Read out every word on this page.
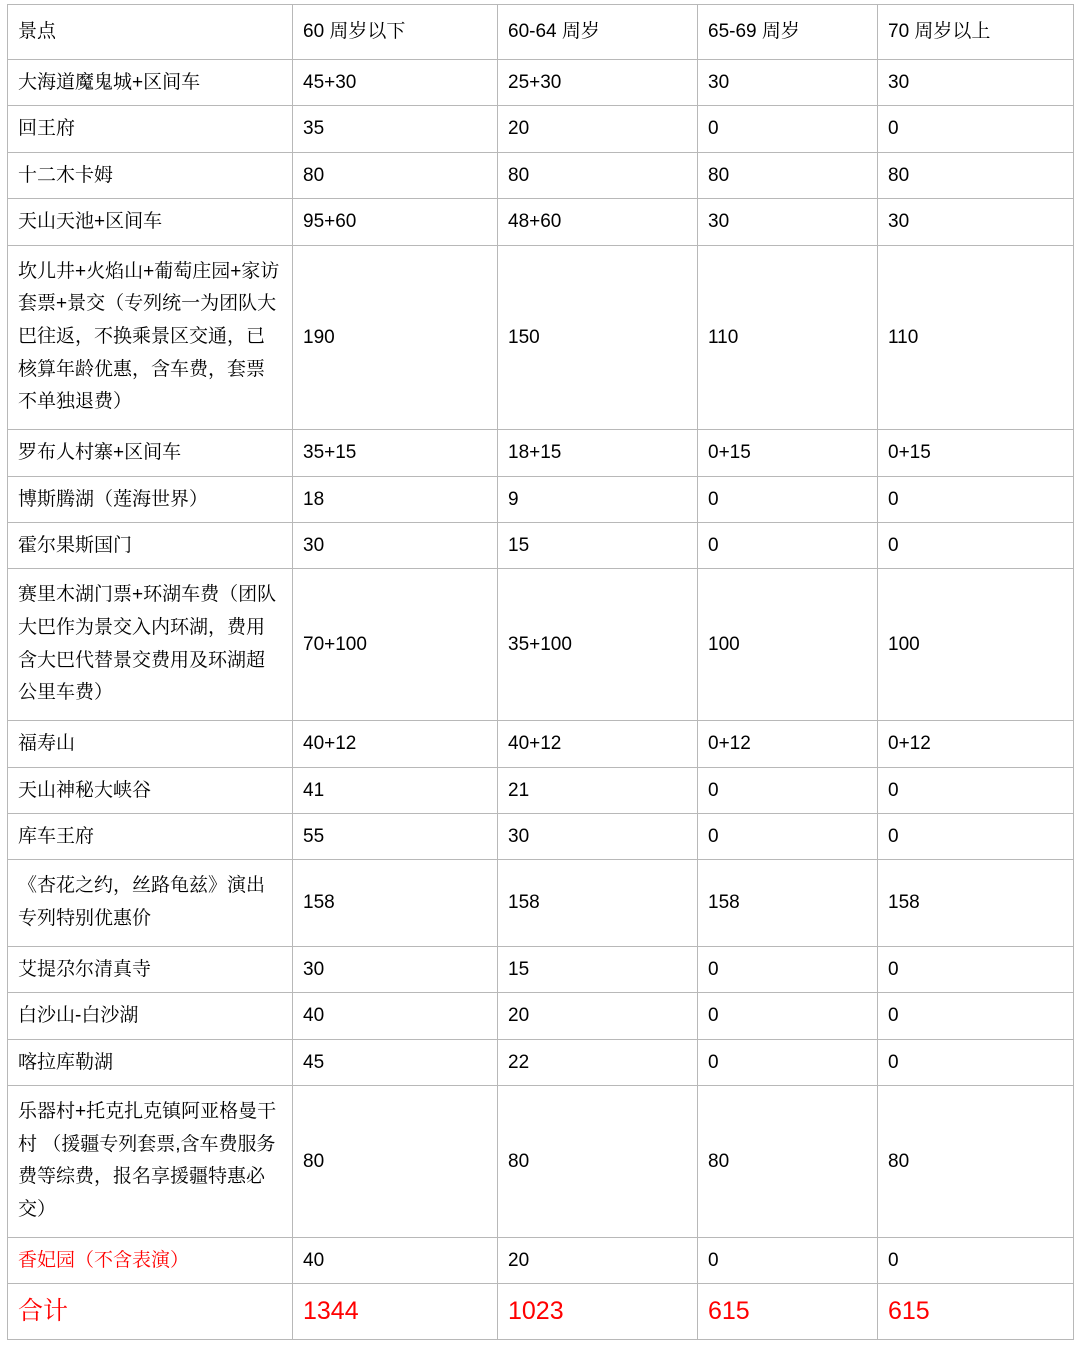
景点	60 周岁以下	60-64 周岁	65-69 周岁	70 周岁以上
大海道魔鬼城+区间车	45+30	25+30	30	30
回王府	35	20	0	0
十二木卡姆	80	80	80	80
天山天池+区间车	95+60	48+60	30	30
坎儿井+火焰山+葡萄庄园+家访套票+景交（专列统一为团队大巴往返，不换乘景区交通，已核算年龄优惠，含车费，套票不单独退费）	190	150	110	110
罗布人村寨+区间车	35+15	18+15	0+15	0+15
博斯腾湖（莲海世界）	18	9	0	0
霍尔果斯国门	30	15	0	0
赛里木湖门票+环湖车费（团队大巴作为景交入内环湖，费用含大巴代替景交费用及环湖超公里车费）	70+100	35+100	100	100
福寿山	40+12	40+12	0+12	0+12
天山神秘大峡谷	41	21	0	0
库车王府	55	30	0	0
《杏花之约，丝路龟兹》演出专列特别优惠价	158	158	158	158
艾提尕尔清真寺	30	15	0	0
白沙山-白沙湖	40	20	0	0
喀拉库勒湖	45	22	0	0
乐器村+托克扎克镇阿亚格曼干村 （援疆专列套票,含车费服务费等综费，报名享援疆特惠必交）	80	80	80	80
香妃园（不含表演）	40	20	0	0
合计	1344	1023	615	615
